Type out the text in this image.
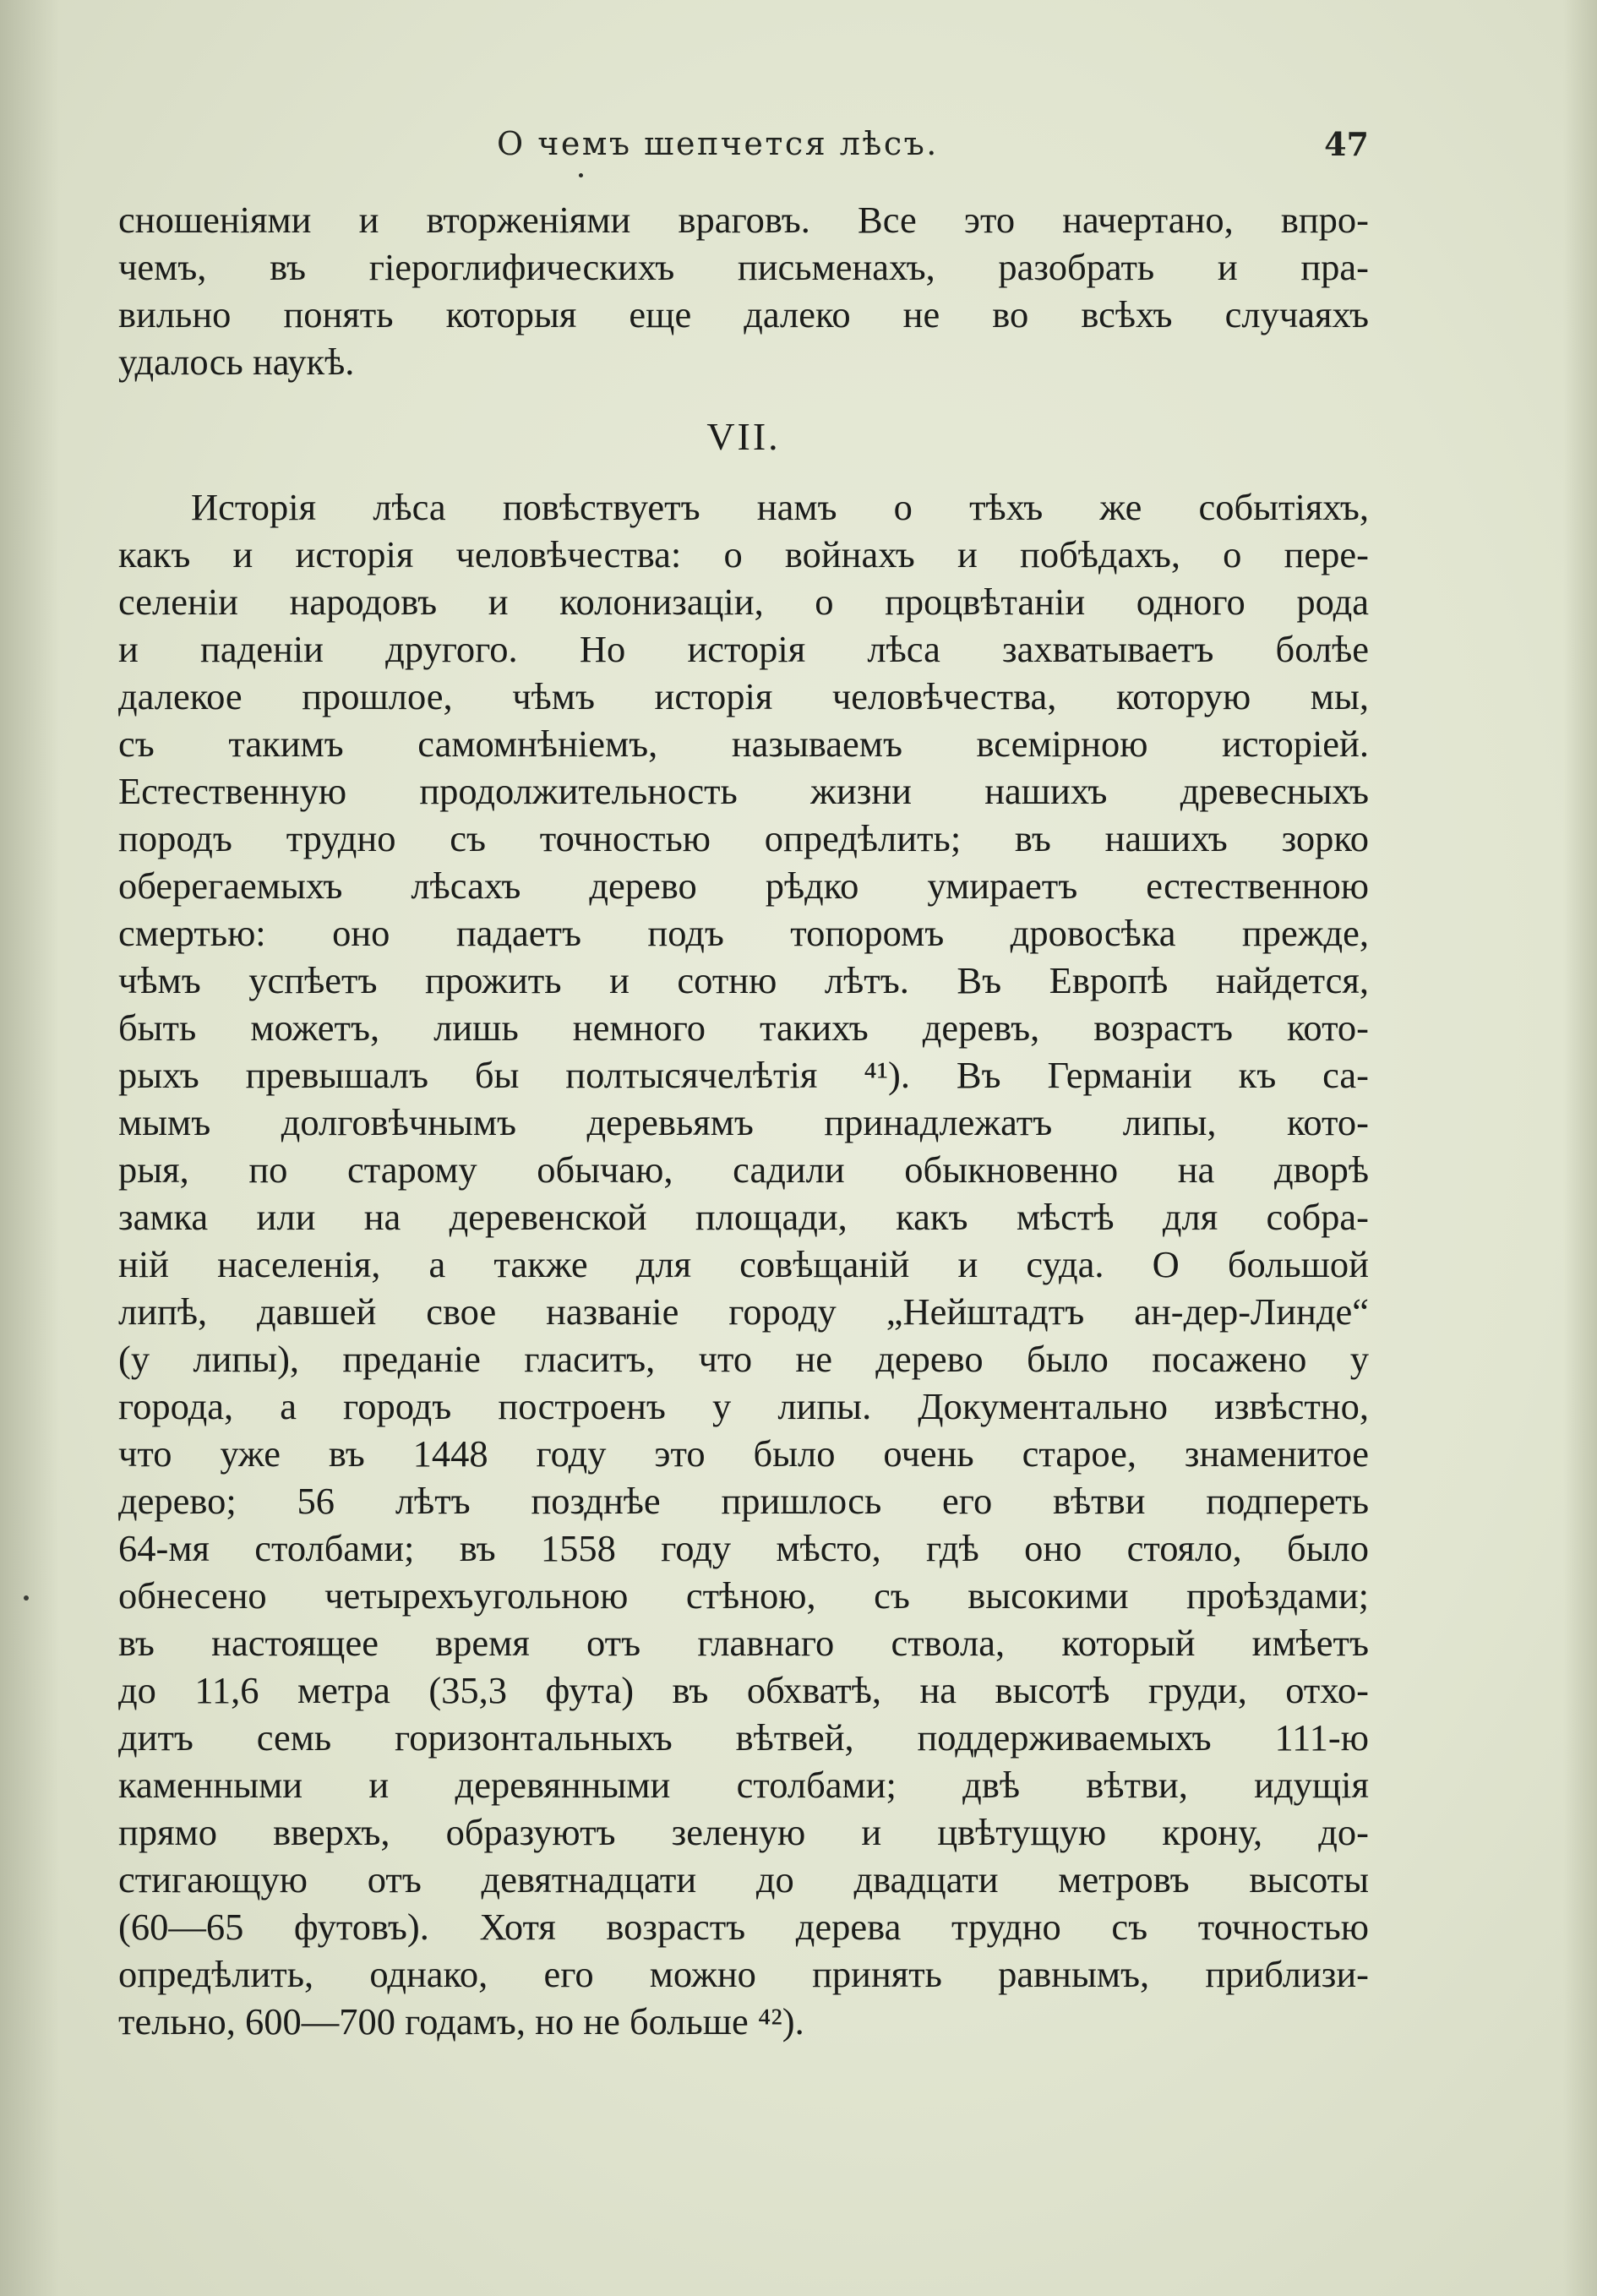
О чемъ шепчется лѣсъ.	47
сношеніями и вторженіями враговъ. Все это начертано, впро-
чемъ, въ гіероглифическихъ письменахъ, разобрать и пра-
вильно понять которыя еще далеко не во всѣхъ случаяхъ
удалось наукѣ.
VII.
Исторія лѣса повѣствуетъ намъ о тѣхъ же событіяхъ,
какъ и исторія человѣчества: о войнахъ и побѣдахъ, о пере-
селеніи народовъ и колонизаціи, о процвѣтаніи одного рода
и паденіи другого. Но исторія лѣса захватываетъ болѣе
далекое прошлое, чѣмъ исторія человѣчества, которую мы,
съ такимъ самомнѣніемъ, называемъ всемірною исторіей.
Естественную продолжительность жизни нашихъ древесныхъ
породъ трудно съ точностью опредѣлить; въ нашихъ зорко
оберегаемыхъ лѣсахъ дерево рѣдко умираетъ естественною
смертью: оно падаетъ подъ топоромъ дровосѣка прежде,
чѣмъ успѣетъ прожить и сотню лѣтъ. Въ Европѣ найдется,
быть можетъ, лишь немного такихъ деревъ, возрастъ кото-
рыхъ превышалъ бы полтысячелѣтія ⁴¹). Въ Германіи къ са-
мымъ долговѣчнымъ деревьямъ принадлежатъ липы, кото-
рыя, по старому обычаю, садили обыкновенно на дворѣ
замка или на деревенской площади, какъ мѣстѣ для собра-
ній населенія, а также для совѣщаній и суда. О большой
липѣ, давшей свое названіе городу „Нейштадтъ ан-дер-Линде“
(у липы), преданіе гласитъ, что не дерево было посажено у
города, а городъ построенъ у липы. Документально извѣстно,
что уже въ 1448 году это было очень старое, знаменитое
дерево; 56 лѣтъ позднѣе пришлось его вѣтви подпереть
64-мя столбами; въ 1558 году мѣсто, гдѣ оно стояло, было
обнесено четырехъугольною стѣною, съ высокими проѣздами;
въ настоящее время отъ главнаго ствола, который имѣетъ
до 11,6 метра (35,3 фута) въ обхватѣ, на высотѣ груди, отхо-
дитъ семь горизонтальныхъ вѣтвей, поддерживаемыхъ 111-ю
каменными и деревянными столбами; двѣ вѣтви, идущія
прямо вверхъ, образуютъ зеленую и цвѣтущую крону, до-
стигающую отъ девятнадцати до двадцати метровъ высоты
(60—65 футовъ). Хотя возрастъ дерева трудно съ точностью
опредѣлить, однако, его можно принять равнымъ, приблизи-
тельно, 600—700 годамъ, но не больше ⁴²).
